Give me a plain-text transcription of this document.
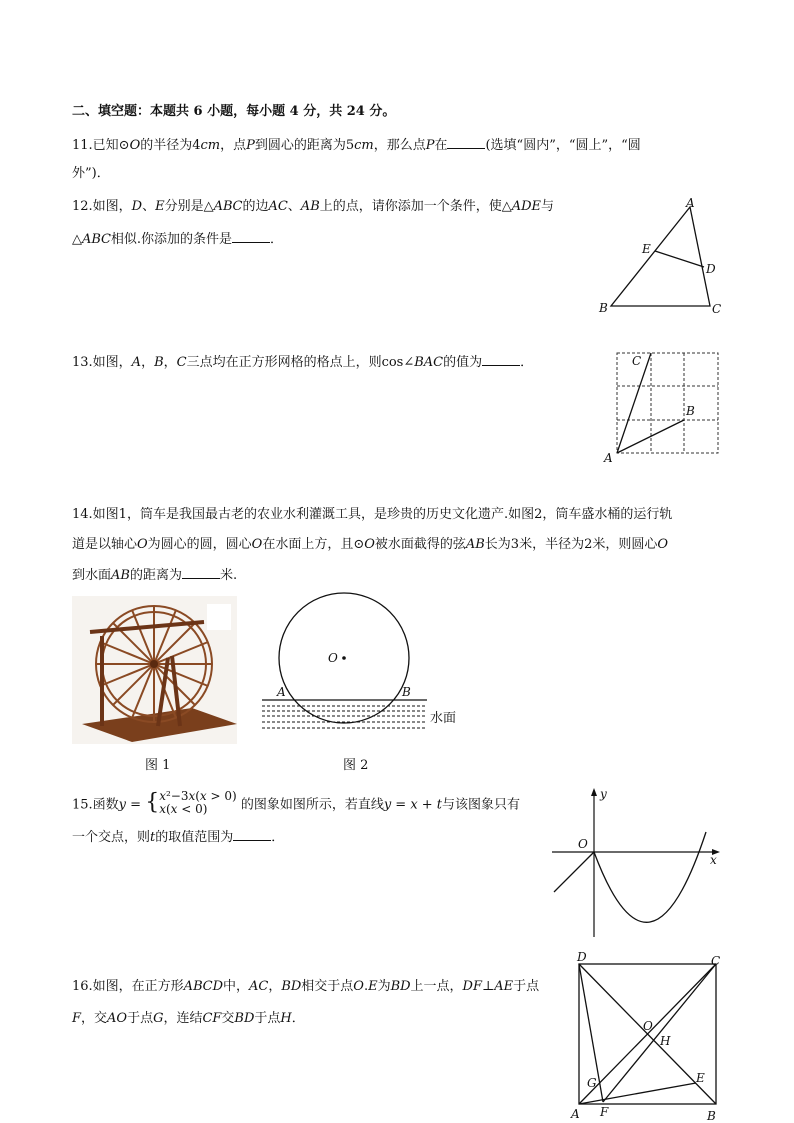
二、填空题：本题共 6 小题，每小题 4 分，共 24 分。
11.已知⊙𝑂的半径为4𝑐𝑚，点𝑃到圆心的距离为5𝑐𝑚，那么点𝑃在	(选填“圆内”，“圆上”，“圆
外”)．
12.如图，𝐷、𝐸分别是△𝐴𝐵𝐶的边𝐴𝐶、𝐴𝐵上的点，请你添加一个条件，使△𝐴𝐷𝐸与
△𝐴𝐵𝐶相似.你添加的条件是	．
A
B	C
D
E
13.如图，𝐴，𝐵，𝐶三点均在正方形网格的格点上，则cos∠𝐵𝐴𝐶的值为	．
A
B
C
14.如图1，筒车是我国最古老的农业水利灌溉工具，是珍贵的历史文化遗产.如图2，筒车盛水桶的运行轨
道是以轴心𝑂为圆心的圆，圆心𝑂在水面上方，且⊙𝑂被水面截得的弦𝐴𝐵长为3米，半径为2米，则圆心𝑂
到水面𝐴𝐵的距离为	米.
图 1
O
A	B
水面
图 2
15.函数𝑦 = { 𝑥²−3𝑥(𝑥 > 0)
𝑥(𝑥 < 0)	的图象如图所示，若直线𝑦 = 𝑥 + 𝑡与该图象只有
一个交点，则𝑡的取值范围为	．	O
x
y
16.如图，在正方形𝐴𝐵𝐶𝐷中，𝐴𝐶，𝐵𝐷相交于点𝑂.𝐸为𝐵𝐷上一点，𝐷𝐹⊥𝐴𝐸于点
𝐹，交𝐴𝑂于点𝐺，连结𝐶𝐹交𝐵𝐷于点𝐻．
D	C
A	B
O
H
E
G
F
